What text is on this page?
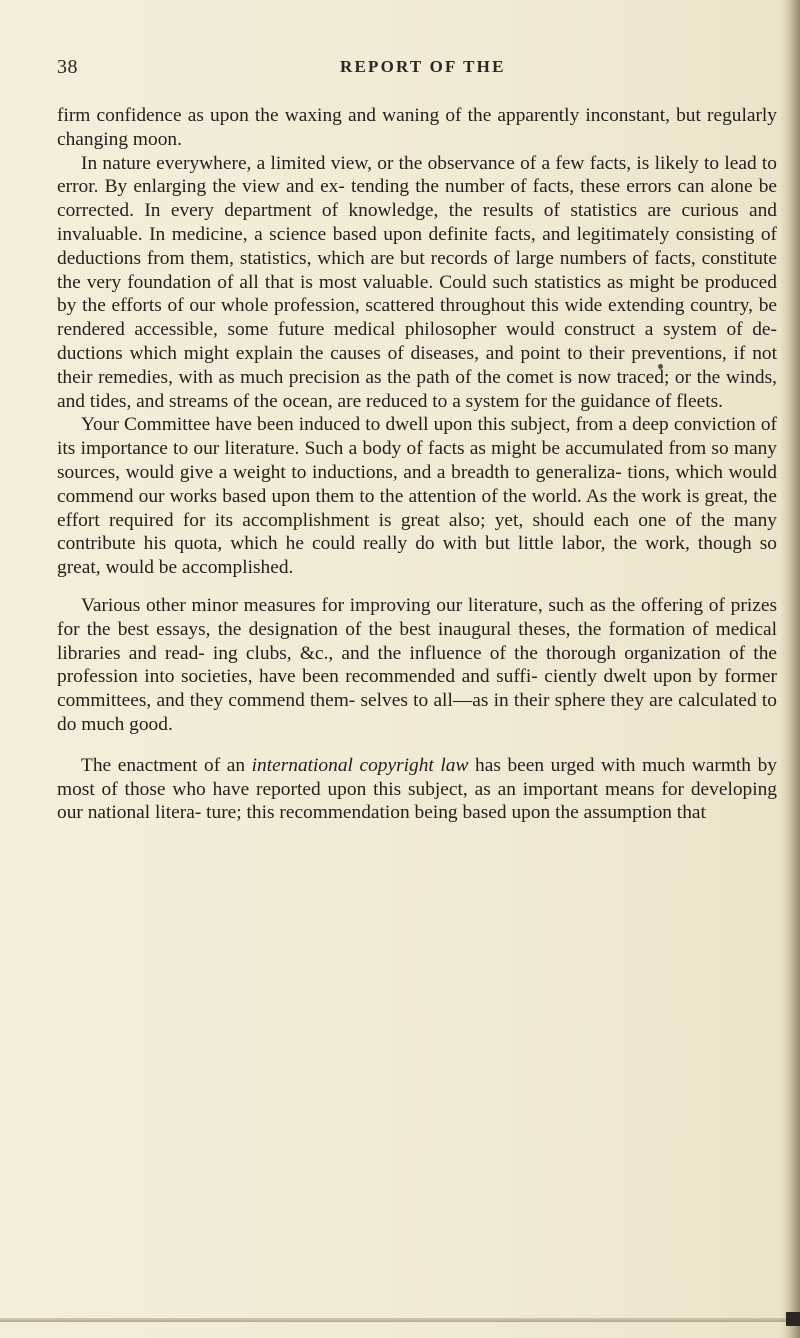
38	REPORT OF THE

firm confidence as upon the waxing and waning of the apparently inconstant, but regularly changing moon.

In nature everywhere, a limited view, or the observance of a few facts, is likely to lead to error. By enlarging the view and ex- tending the number of facts, these errors can alone be corrected. In every department of knowledge, the results of statistics are curious and invaluable. In medicine, a science based upon definite facts, and legitimately consisting of deductions from them, statistics, which are but records of large numbers of facts, constitute the very foundation of all that is most valuable. Could such statistics as might be produced by the efforts of our whole profession, scattered throughout this wide extending country, be rendered accessible, some future medical philosopher would construct a system of de- ductions which might explain the causes of diseases, and point to their preventions, if not their remedies, with as much precision as the path of the comet is now traced; or the winds, and tides, and streams of the ocean, are reduced to a system for the guidance of fleets.

Your Committee have been induced to dwell upon this subject, from a deep conviction of its importance to our literature. Such a body of facts as might be accumulated from so many sources, would give a weight to inductions, and a breadth to generaliza- tions, which would commend our works based upon them to the attention of the world. As the work is great, the effort required for its accomplishment is great also; yet, should each one of the many contribute his quota, which he could really do with but little labor, the work, though so great, would be accomplished.

Various other minor measures for improving our literature, such as the offering of prizes for the best essays, the designation of the best inaugural theses, the formation of medical libraries and read- ing clubs, &c., and the influence of the thorough organization of the profession into societies, have been recommended and suffi- ciently dwelt upon by former committees, and they commend them- selves to all—as in their sphere they are calculated to do much good.

The enactment of an international copyright law has been urged with much warmth by most of those who have reported upon this subject, as an important means for developing our national litera- ture; this recommendation being based upon the assumption that
